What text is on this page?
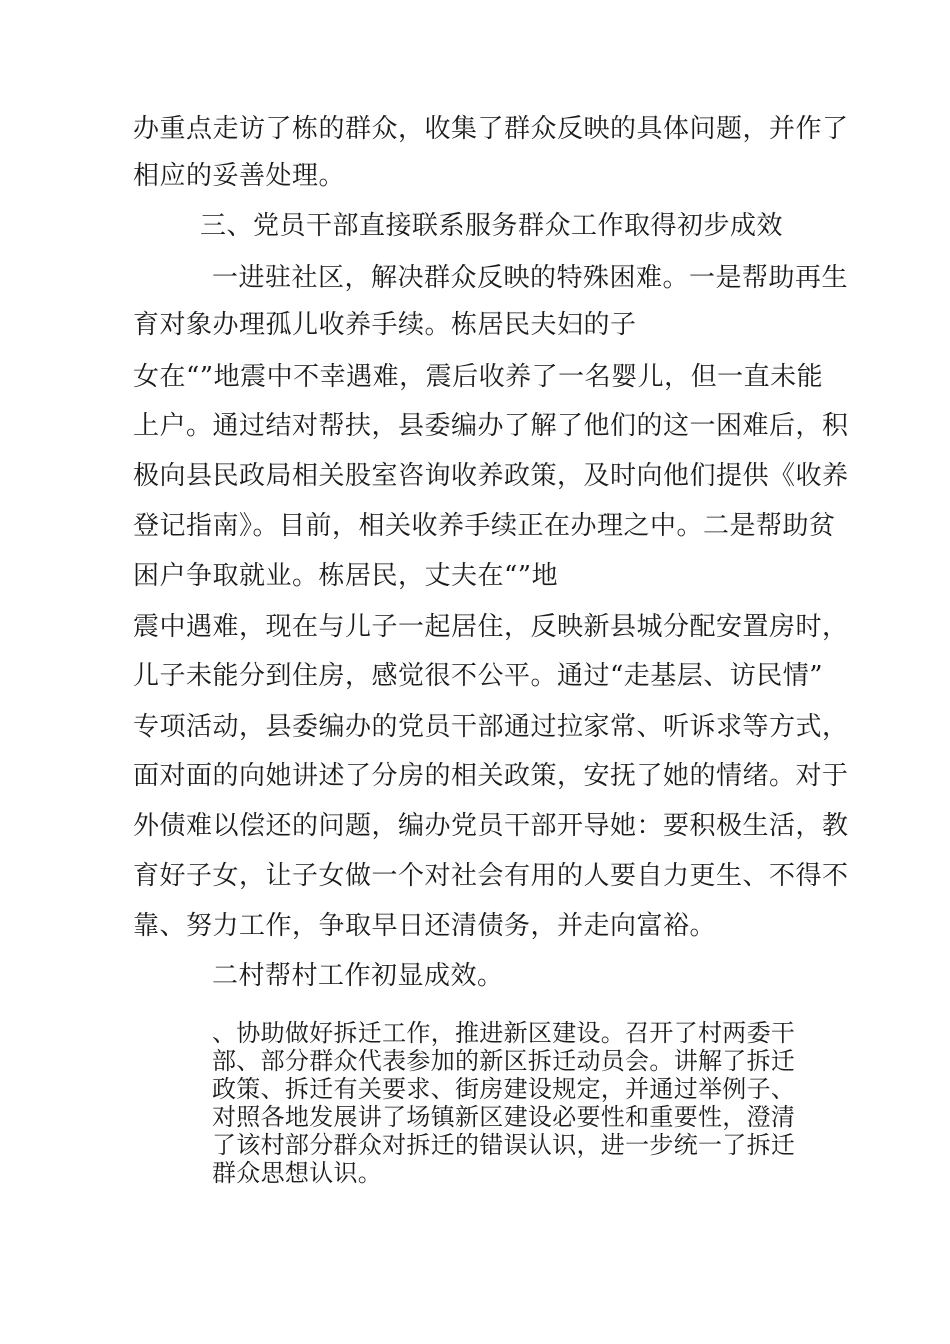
办重点走访了栋的群众，收集了群众反映的具体问题，并作了
相应的妥善处理。
三、党员干部直接联系服务群众工作取得初步成效
一进驻社区，解决群众反映的特殊困难。一是帮助再生
育对象办理孤儿收养手续。栋居民夫妇的子
女在“”地震中不幸遇难，震后收养了一名婴儿，但一直未能
上户。通过结对帮扶，县委编办了解了他们的这一困难后，积
极向县民政局相关股室咨询收养政策，及时向他们提供《收养
登记指南》。目前，相关收养手续正在办理之中。二是帮助贫
困户争取就业。栋居民，丈夫在“”地
震中遇难，现在与儿子一起居住，反映新县城分配安置房时，
儿子未能分到住房，感觉很不公平。通过“走基层、访民情”
专项活动，县委编办的党员干部通过拉家常、听诉求等方式，
面对面的向她讲述了分房的相关政策，安抚了她的情绪。对于
外债难以偿还的问题，编办党员干部开导她：要积极生活，教
育好子女，让子女做一个对社会有用的人要自力更生、不得不
靠、努力工作，争取早日还清债务，并走向富裕。
二村帮村工作初显成效。
、协助做好拆迁工作，推进新区建设。召开了村两委干
部、部分群众代表参加的新区拆迁动员会。讲解了拆迁
政策、拆迁有关要求、街房建设规定，并通过举例子、
对照各地发展讲了场镇新区建设必要性和重要性，澄清
了该村部分群众对拆迁的错误认识，进一步统一了拆迁
群众思想认识。
